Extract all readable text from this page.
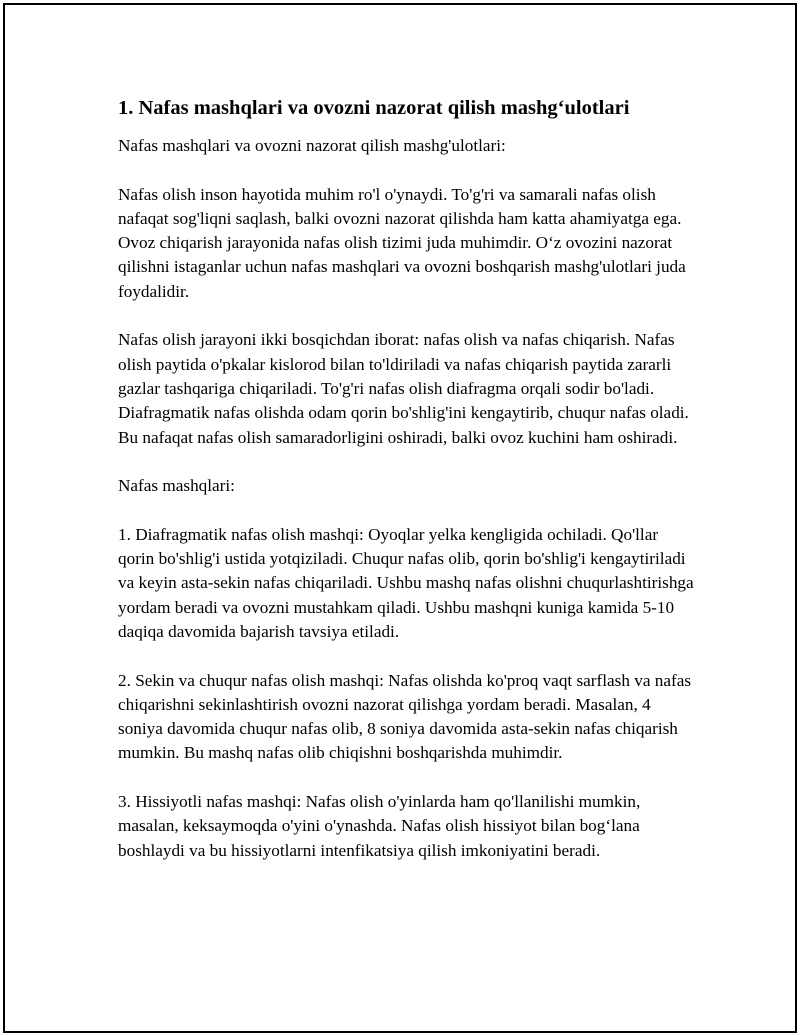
1. Nafas mashqlari va ovozni nazorat qilish mashg‘ulotlari

Nafas mashqlari va ovozni nazorat qilish mashg'ulotlari:

Nafas olish inson hayotida muhim ro'l o'ynaydi. To'g'ri va samarali nafas olish nafaqat sog'liqni saqlash, balki ovozni nazorat qilishda ham katta ahamiyatga ega. Ovoz chiqarish jarayonida nafas olish tizimi juda muhimdir. O‘z ovozini nazorat qilishni istaganlar uchun nafas mashqlari va ovozni boshqarish mashg'ulotlari juda foydalidir.

Nafas olish jarayoni ikki bosqichdan iborat: nafas olish va nafas chiqarish. Nafas olish paytida o'pkalar kislorod bilan to'ldiriladi va nafas chiqarish paytida zararli gazlar tashqariga chiqariladi. To'g'ri nafas olish diafragma orqali sodir bo'ladi. Diafragmatik nafas olishda odam qorin bo'shlig'ini kengaytirib, chuqur nafas oladi. Bu nafaqat nafas olish samaradorligini oshiradi, balki ovoz kuchini ham oshiradi.

Nafas mashqlari:

1. Diafragmatik nafas olish mashqi: Oyoqlar yelka kengligida ochiladi. Qo'llar qorin bo'shlig'i ustida yotqiziladi. Chuqur nafas olib, qorin bo'shlig'i kengaytiriladi va keyin asta-sekin nafas chiqariladi. Ushbu mashq nafas olishni chuqurlashtirishga yordam beradi va ovozni mustahkam qiladi. Ushbu mashqni kuniga kamida 5-10 daqiqa davomida bajarish tavsiya etiladi.

2. Sekin va chuqur nafas olish mashqi: Nafas olishda ko'proq vaqt sarflash va nafas chiqarishni sekinlashtirish ovozni nazorat qilishga yordam beradi. Masalan, 4 soniya davomida chuqur nafas olib, 8 soniya davomida asta-sekin nafas chiqarish mumkin. Bu mashq nafas olib chiqishni boshqarishda muhimdir.

3. Hissiyotli nafas mashqi: Nafas olish o'yinlarda ham qo'llanilishi mumkin, masalan, keksaymoqda o'yini o'ynashda. Nafas olish hissiyot bilan bog‘lana boshlaydi va bu hissiyotlarni intenfikatsiya qilish imkoniyatini beradi.
